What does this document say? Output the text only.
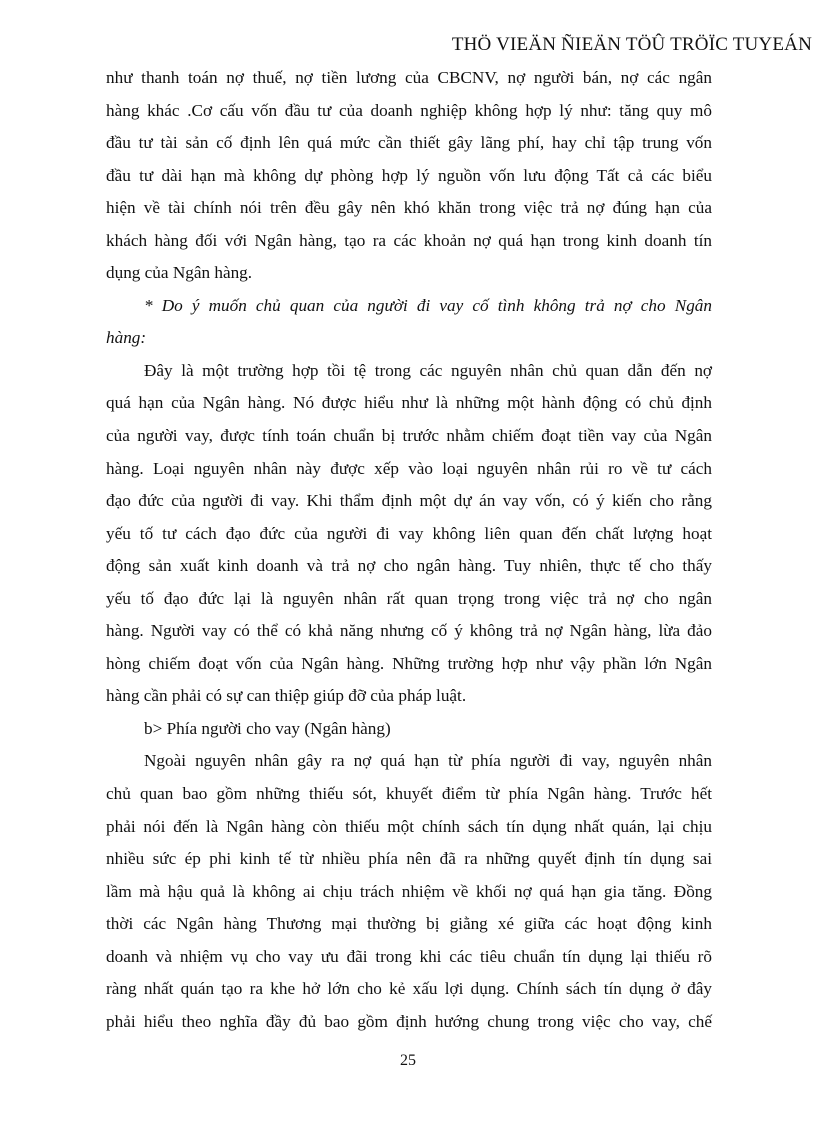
THÖ VIEÄN ÑIEÄN TÖÛ TRÖÏC TUYEÁN
như thanh toán nợ thuế, nợ tiền lương của CBCNV, nợ người bán, nợ các ngân
hàng khác .Cơ cấu vốn đầu tư của doanh nghiệp không hợp lý như: tăng quy mô
đầu tư tài sản cố định lên quá mức cần thiết gây lãng phí, hay chỉ tập trung vốn
đầu tư dài hạn mà không dự phòng hợp lý nguồn vốn lưu động Tất cả các biểu
hiện về tài chính nói trên đều gây nên khó khăn trong việc trả nợ đúng hạn của
khách hàng đối với Ngân hàng, tạo ra các khoản nợ quá hạn trong kinh doanh tín
dụng của Ngân hàng.
* Do ý muốn chủ quan của người đi vay cố tình không trả nợ cho Ngân
hàng:
Đây là một trường hợp tồi tệ trong các nguyên nhân chủ quan dẫn đến nợ
quá hạn của Ngân hàng. Nó được hiểu như là những một hành động có chủ định
của người vay, được tính toán chuẩn bị trước nhằm chiếm đoạt tiền vay của Ngân
hàng. Loại nguyên nhân này được xếp vào loại nguyên nhân rủi ro về tư cách
đạo đức của người đi vay. Khi thẩm định một dự án vay vốn, có ý kiến cho rằng
yếu tố tư cách đạo đức của người đi vay không liên quan đến chất lượng hoạt
động sản xuất kinh doanh và trả nợ cho ngân hàng. Tuy nhiên, thực tế cho thấy
yếu tố đạo đức lại là nguyên nhân rất quan trọng trong việc trả nợ cho ngân
hàng. Người vay có thể có khả năng nhưng cố ý không trả nợ Ngân hàng, lừa đảo
hòng chiếm đoạt vốn của Ngân hàng. Những trường hợp như vậy phần lớn Ngân
hàng cần phải có sự can thiệp giúp đỡ của pháp luật.
b> Phía người cho vay (Ngân hàng)
Ngoài nguyên nhân gây ra nợ quá hạn từ phía người đi vay, nguyên nhân
chủ quan bao gồm những thiếu sót, khuyết điểm từ phía Ngân hàng. Trước hết
phải nói đến là Ngân hàng còn thiếu một chính sách tín dụng nhất quán, lại chịu
nhiều sức ép phi kinh tế từ nhiều phía nên đã ra những quyết định tín dụng sai
lầm mà hậu quả là không ai chịu trách nhiệm về khối nợ quá hạn gia tăng. Đồng
thời các Ngân hàng Thương mại thường bị giằng xé giữa các hoạt động kinh
doanh và nhiệm vụ cho vay ưu đãi trong khi các tiêu chuẩn tín dụng lại thiếu rõ
ràng nhất quán tạo ra khe hở lớn cho kẻ xấu lợi dụng. Chính sách tín dụng ở đây
phải hiểu theo nghĩa đầy đủ bao gồm định hướng chung trong việc cho vay, chế
25
